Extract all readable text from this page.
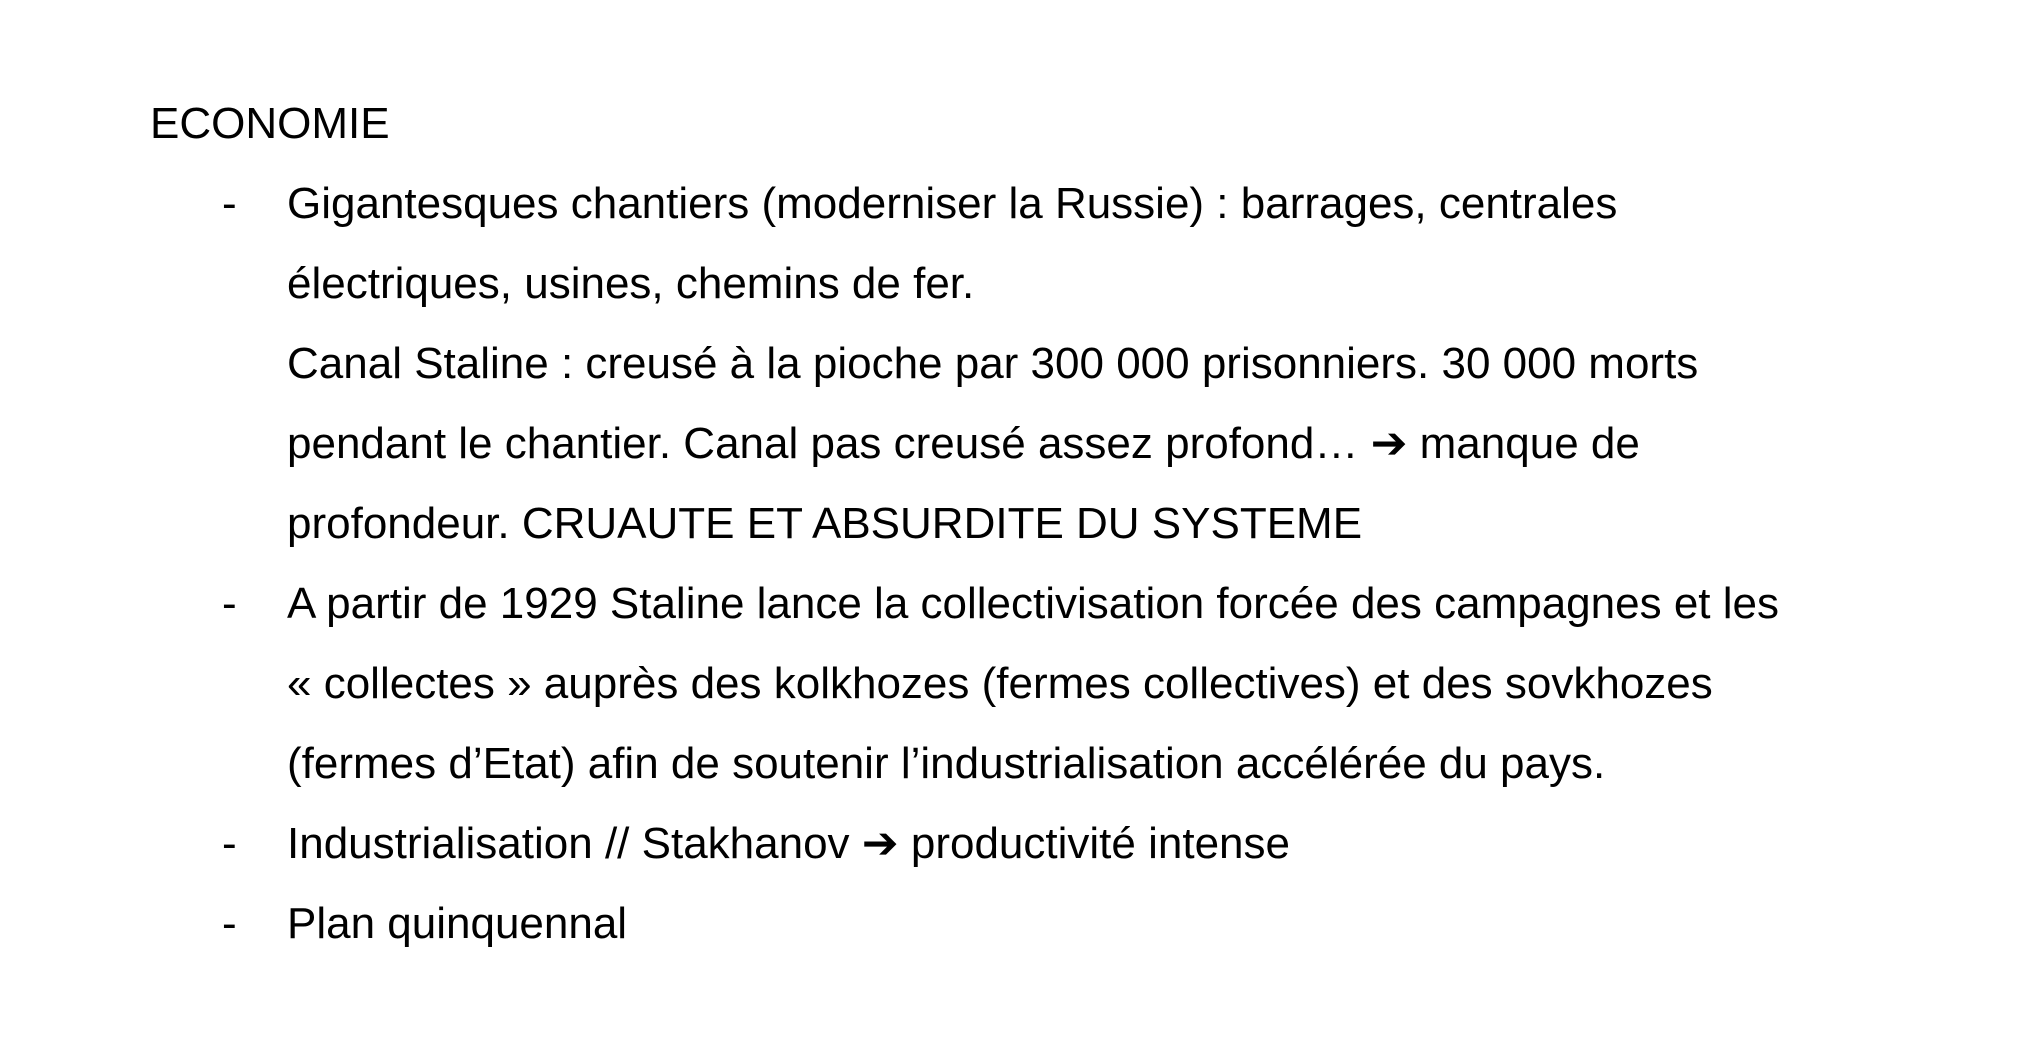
ECONOMIE
- Gigantesques chantiers (moderniser la Russie) : barrages, centrales
électriques, usines, chemins de fer.
Canal Staline : creusé à la pioche par 300 000 prisonniers. 30 000 morts
pendant le chantier. Canal pas creusé assez profond… ➔ manque de
profondeur. CRUAUTE ET ABSURDITE DU SYSTEME
- A partir de 1929 Staline lance la collectivisation forcée des campagnes et les
« collectes » auprès des kolkhozes (fermes collectives) et des sovkhozes
(fermes d’Etat) afin de soutenir l’industrialisation accélérée du pays.
- Industrialisation // Stakhanov ➔ productivité intense
- Plan quinquennal
